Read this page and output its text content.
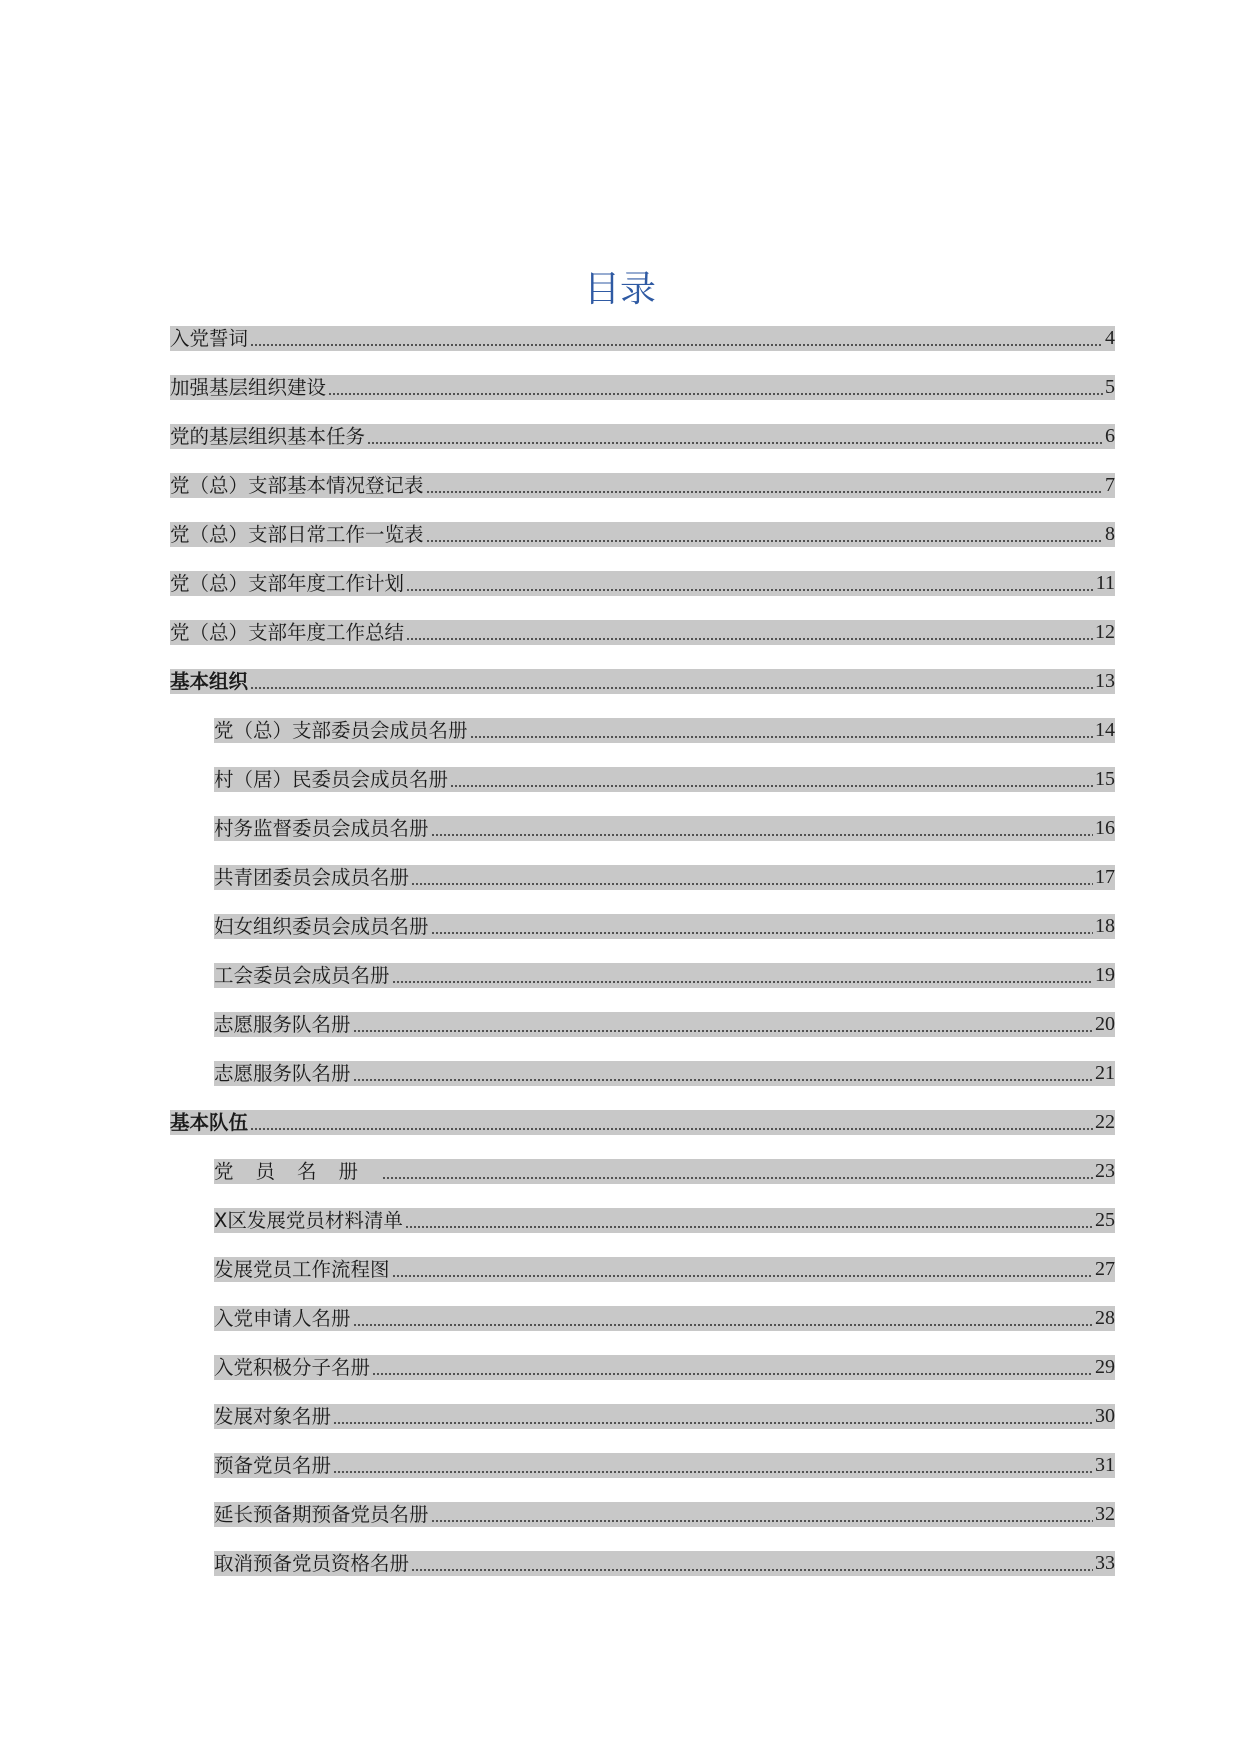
目录
入党誓词	4
加强基层组织建设	5
党的基层组织基本任务	6
党（总）支部基本情况登记表	7
党（总）支部日常工作一览表	8
党（总）支部年度工作计划	11
党（总）支部年度工作总结	12
基本组织	13
党（总）支部委员会成员名册	14
村（居）民委员会成员名册	15
村务监督委员会成员名册	16
共青团委员会成员名册	17
妇女组织委员会成员名册	18
工会委员会成员名册	19
志愿服务队名册	20
志愿服务队名册	21
基本队伍	22
党员名册	23
X区发展党员材料清单	25
发展党员工作流程图	27
入党申请人名册	28
入党积极分子名册	29
发展对象名册	30
预备党员名册	31
延长预备期预备党员名册	32
取消预备党员资格名册	33
